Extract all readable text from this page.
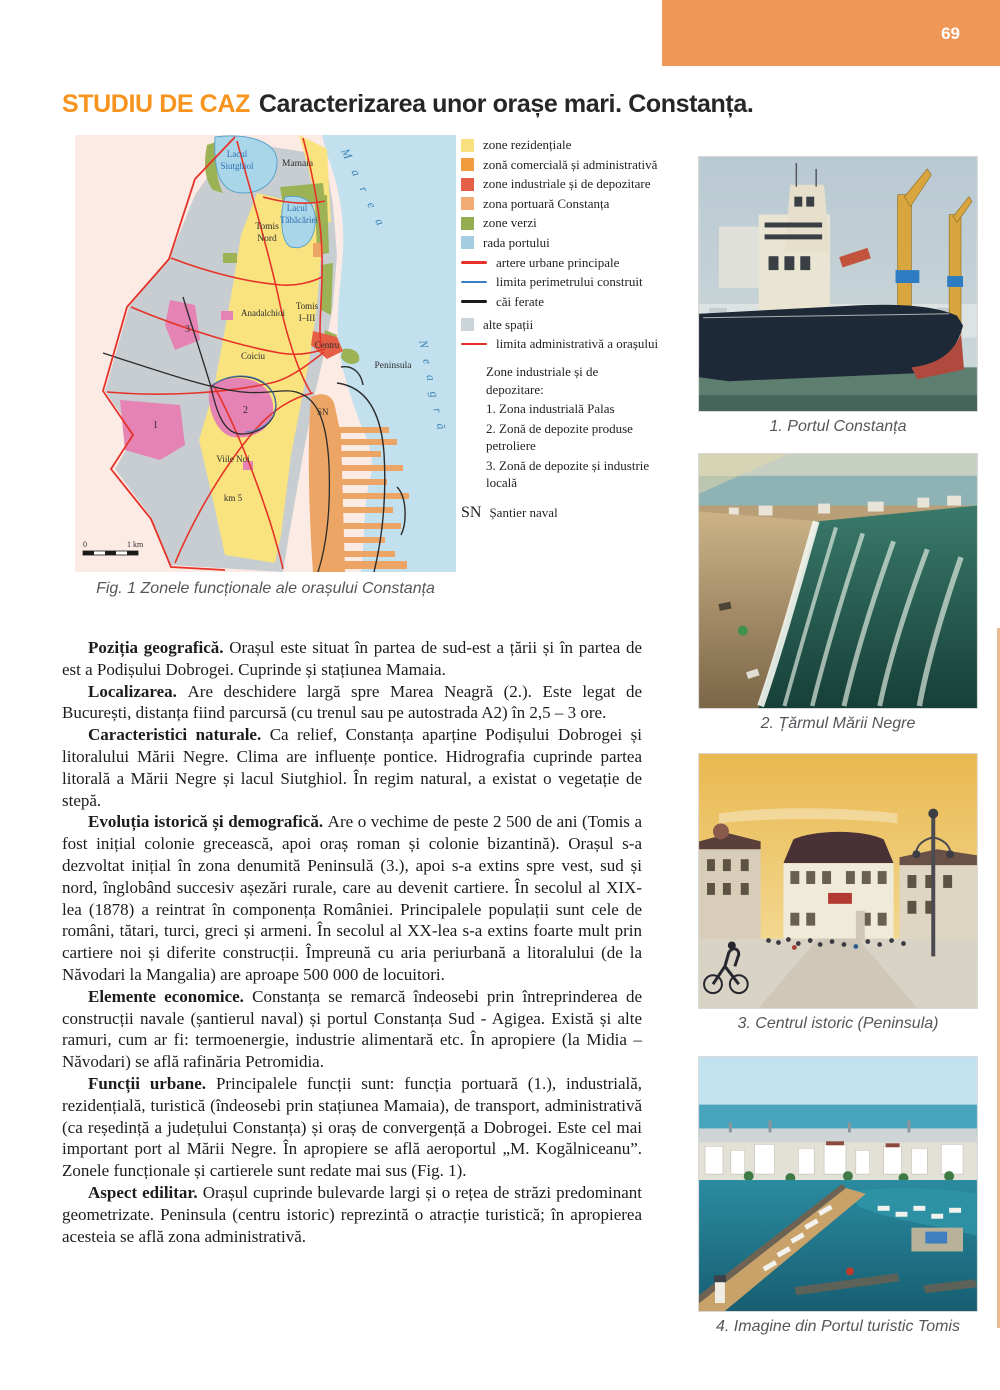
69
STUDIU DE CAZ Caracterizarea unor orașe mari. Constanța.
Lacul
Siutghiol	Mamaia
Lacul
Tăbăcăriei
Tomis
Nord
Anadalchioi
Tomis
I–III
Centru
Coiciu
Peninsula
SN
Viile Noi
km 5
1
2
3
Marea
Neagră
0	1 km
Fig. 1 Zonele funcționale ale orașului Constanța
zone rezidențiale
zonă comercială și administrativă
zone industriale și de depozitare
zona portuară Constanța
zone verzi
rada portului
artere urbane principale
limita perimetrului construit
căi ferate
alte spații
limita administrativă a orașului
Zone industriale și de depozitare:
1. Zona industrială Palas
2. Zonă de depozite produse petroliere
3. Zonă de depozite și industrie locală
SN Șantier naval

Poziția geografică. Orașul este situat în partea de sud-est a țării și în partea de est a Podișului Dobrogei. Cuprinde și stațiunea Mamaia.

Localizarea. Are deschidere largă spre Marea Neagră (2.). Este legat de București, distanța fiind parcursă (cu trenul sau pe autostrada A2) în 2,5 – 3 ore.

Caracteristici naturale. Ca relief, Constanța aparține Podișului Dobrogei și litoralului Mării Negre. Clima are influențe pontice. Hidrografia cuprinde partea litorală a Mării Negre și lacul Siutghiol. În regim natural, a existat o vegetație de stepă.

Evoluția istorică și demografică. Are o vechime de peste 2 500 de ani (Tomis a fost inițial colonie grecească, apoi oraș roman și colonie bizantină). Orașul s-a dezvoltat inițial în zona denumită Peninsulă (3.), apoi s-a extins spre vest, sud și nord, înglobând succesiv așezări rurale, care au devenit cartiere. În secolul al XIX-lea (1878) a reintrat în componența României. Principalele populații sunt cele de români, tătari, turci, greci și armeni. În secolul al XX-lea s-a extins foarte mult prin cartiere noi și diferite construcții. Împreună cu aria periurbană a litoralului (de la Năvodari la Mangalia) are aproape 500 000 de locuitori.

Elemente economice. Constanța se remarcă îndeosebi prin întreprinderea de construcții navale (șantierul naval) și portul Constanța Sud - Agigea. Există și alte ramuri, cum ar fi: termoenergie, industrie alimentară etc. În apropiere (la Midia – Năvodari) se află rafinăria Petromidia.

Funcții urbane. Principalele funcții sunt: funcția portuară (1.), industrială, rezidențială, turistică (îndeosebi prin stațiunea Mamaia), de transport, administrativă (ca reședință a județului Constanța) și oraș de convergență a Dobrogei. Este cel mai important port al Mării Negre. În apropiere se află aeroportul „M. Kogălniceanu”. Zonele funcționale și cartierele sunt redate mai sus (Fig. 1).

Aspect edilitar. Orașul cuprinde bulevarde largi și o rețea de străzi predominant geometrizate. Peninsula (centru istoric) reprezintă o atracție turistică; în apropierea acesteia se află zona administrativă.

1. Portul Constanța
2. Țărmul Mării Negre
3. Centrul istoric (Peninsula)
4. Imagine din Portul turistic Tomis
